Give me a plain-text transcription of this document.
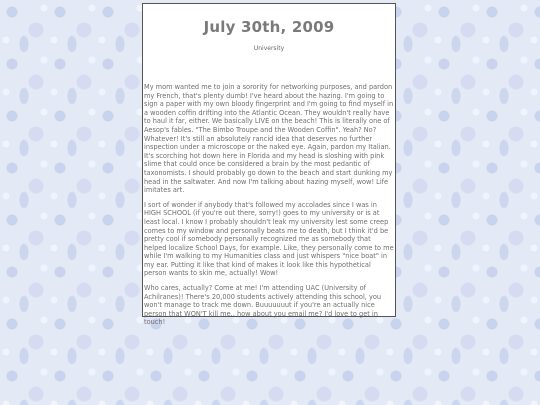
July 30th, 2009
University

My mom wanted me to join a sorority for networking purposes, and pardon my French, that's plenty dumb! I've heard about the hazing. I'm going to sign a paper with my own bloody fingerprint and I'm going to find myself in a wooden coffin drifting into the Atlantic Ocean. They wouldn't really have to haul it far, either. We basically LIVE on the beach! This is literally one of Aesop's fables. "The Bimbo Troupe and the Wooden Coffin". Yeah? No? Whatever! It's still an absolutely rancid idea that deserves no further inspection under a microscope or the naked eye. Again, pardon my Italian. It's scorching hot down here in Florida and my head is sloshing with pink slime that could once be considered a brain by the most pedantic of taxonomists. I should probably go down to the beach and start dunking my head in the saltwater. And now I'm talking about hazing myself, wow! Life imitates art.

I sort of wonder if anybody that's followed my accolades since I was in HIGH SCHOOL (if you're out there, sorry!) goes to my university or is at least local. I know I probably shouldn't leak my university lest some creep comes to my window and personally beats me to death, but I think it'd be pretty cool if somebody personally recognized me as somebody that helped localize School Days, for example. Like, they personally come to me while I'm walking to my Humanities class and just whispers "nice boat" in my ear. Putting it like that kind of makes it look like this hypothetical person wants to skin me, actually! Wow!

Who cares, actually? Come at me! I'm attending UAC (University of Achilranes)! There's 20,000 students actively attending this school, you won't manage to track me down. Buuuuuuut if you're an actually nice person that WON'T kill me.. how about you email me? I'd love to get in touch!
